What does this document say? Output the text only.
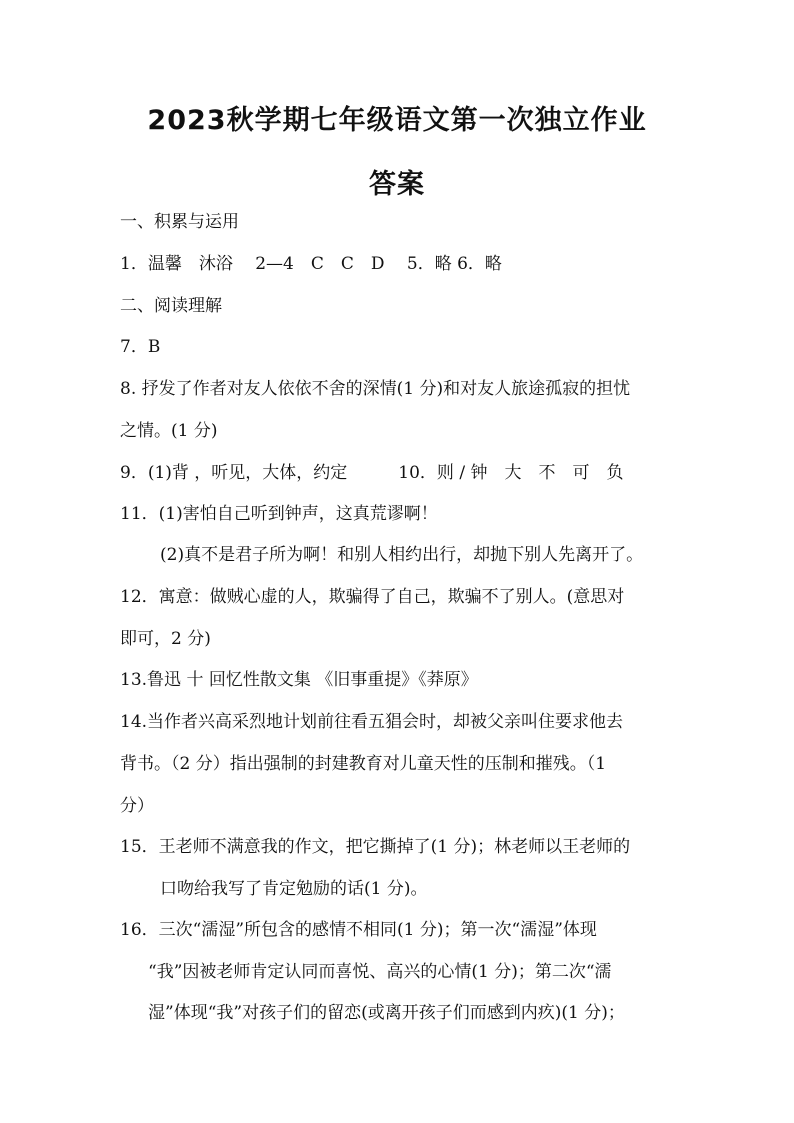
2023秋学期七年级语文第一次独立作业
答案
一、积累与运用
1．温馨　沐浴　 2—4　C　C　D　 5．略 6．略
二、阅读理解
7．B
8. 抒发了作者对友人依依不舍的深情(1 分)和对友人旅途孤寂的担忧
之情。(1 分)
9．(1)背 ，听见，大体，约定　　　10．则 / 钟　大　不　可　负
11．(1)害怕自己听到钟声，这真荒谬啊！
(2)真不是君子所为啊！和别人相约出行，却抛下别人先离开了。
12．寓意：做贼心虚的人，欺骗得了自己，欺骗不了别人。(意思对
即可，2 分)
13.鲁迅 十 回忆性散文集 《旧事重提》《莽原》
14.当作者兴高采烈地计划前往看五猖会时，却被父亲叫住要求他去
背书。（2 分）指出强制的封建教育对儿童天性的压制和摧残。（1
分）
15．王老师不满意我的作文，把它撕掉了(1 分)；林老师以王老师的
口吻给我写了肯定勉励的话(1 分)。
16．三次“濡湿”所包含的感情不相同(1 分)；第一次“濡湿”体现
“我”因被老师肯定认同而喜悦、高兴的心情(1 分)；第二次“濡
湿”体现“我”对孩子们的留恋(或离开孩子们而感到内疚)(1 分)；
